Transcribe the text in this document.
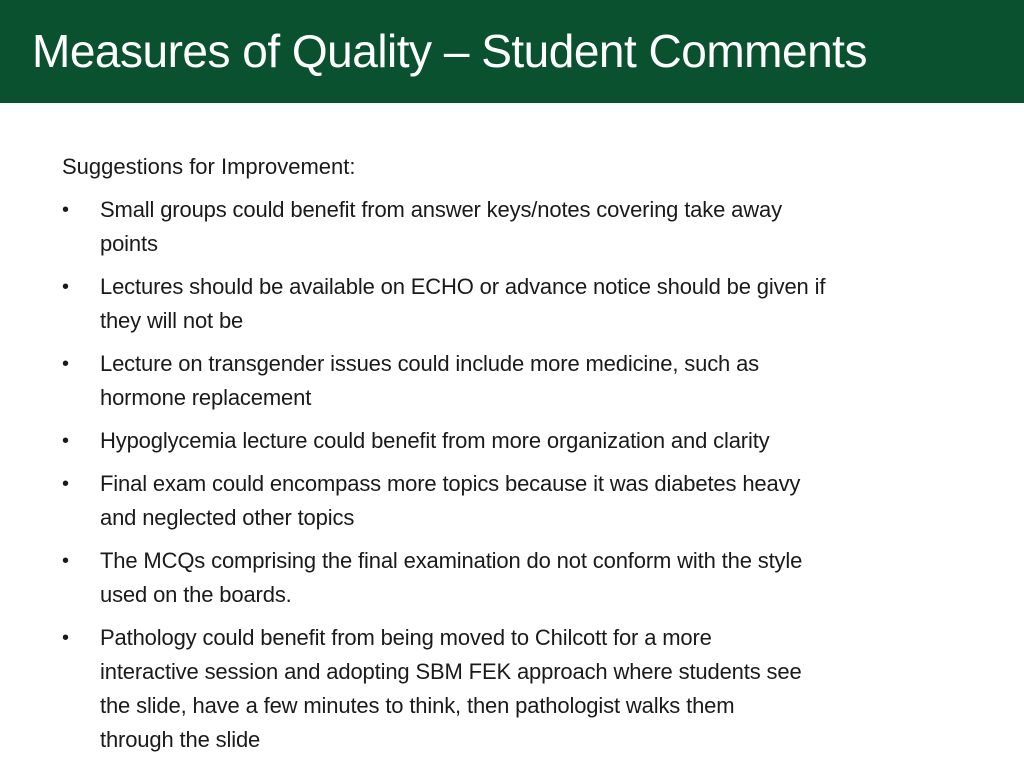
Measures of Quality – Student Comments

Suggestions for Improvement:

• Small groups could benefit from answer keys/notes covering take away
points
• Lectures should be available on ECHO or advance notice should be given if
they will not be
• Lecture on transgender issues could include more medicine, such as
hormone replacement
• Hypoglycemia lecture could benefit from more organization and clarity
• Final exam could encompass more topics because it was diabetes heavy
and neglected other topics
• The MCQs comprising the final examination do not conform with the style
used on the boards.
• Pathology could benefit from being moved to Chilcott for a more
interactive session and adopting SBM FEK approach where students see
the slide, have a few minutes to think, then pathologist walks them
through the slide
